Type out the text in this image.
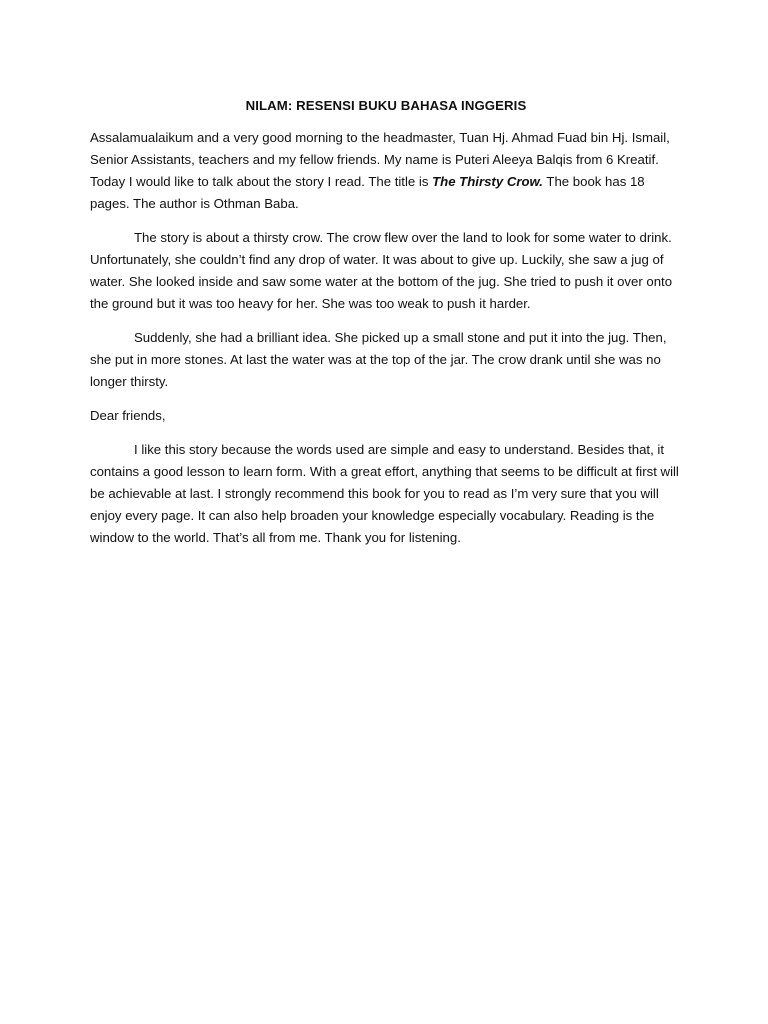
NILAM: RESENSI BUKU BAHASA INGGERIS

Assalamualaikum and a very good morning to the headmaster, Tuan Hj. Ahmad Fuad bin Hj. Ismail, Senior Assistants, teachers and my fellow friends. My name is Puteri Aleeya Balqis from 6 Kreatif. Today I would like to talk about the story I read. The title is The Thirsty Crow. The book has 18 pages. The author is Othman Baba.

The story is about a thirsty crow. The crow flew over the land to look for some water to drink. Unfortunately, she couldn’t find any drop of water. It was about to give up. Luckily, she saw a jug of water. She looked inside and saw some water at the bottom of the jug. She tried to push it over onto the ground but it was too heavy for her. She was too weak to push it harder.

Suddenly, she had a brilliant idea. She picked up a small stone and put it into the jug. Then, she put in more stones. At last the water was at the top of the jar. The crow drank until she was no longer thirsty.

Dear friends,

I like this story because the words used are simple and easy to understand. Besides that, it contains a good lesson to learn form. With a great effort, anything that seems to be difficult at first will be achievable at last. I strongly recommend this book for you to read as I’m very sure that you will enjoy every page. It can also help broaden your knowledge especially vocabulary. Reading is the window to the world. That’s all from me. Thank you for listening.
